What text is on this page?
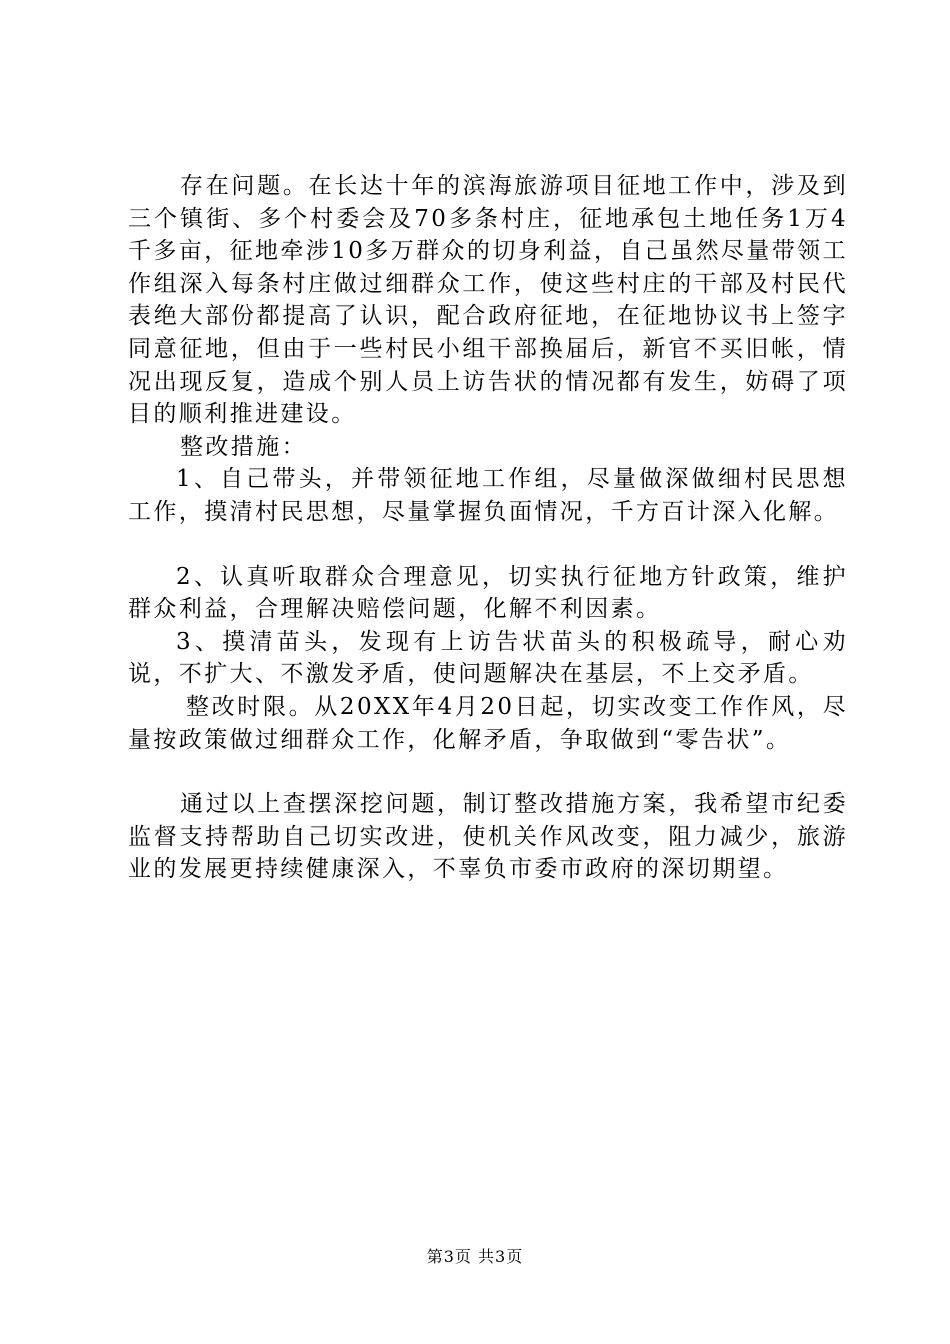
存在问题。在长达十年的滨海旅游项目征地工作中，涉及到三个镇街、多个村委会及70多条村庄，征地承包土地任务1万4千多亩，征地牵涉10多万群众的切身利益，自己虽然尽量带领工作组深入每条村庄做过细群众工作，使这些村庄的干部及村民代表绝大部份都提高了认识，配合政府征地，在征地协议书上签字同意征地，但由于一些村民小组干部换届后，新官不买旧帐，情况出现反复，造成个别人员上访告状的情况都有发生，妨碍了项目的顺利推进建设。

整改措施：

1、自己带头，并带领征地工作组，尽量做深做细村民思想工作，摸清村民思想，尽量掌握负面情况，千方百计深入化解。

2、认真听取群众合理意见，切实执行征地方针政策，维护群众利益，合理解决赔偿问题，化解不利因素。

3、摸清苗头，发现有上访告状苗头的积极疏导，耐心劝说，不扩大、不激发矛盾，使问题解决在基层，不上交矛盾。

整改时限。从20XX年4月20日起，切实改变工作作风，尽量按政策做过细群众工作，化解矛盾，争取做到“零告状”。

通过以上查摆深挖问题，制订整改措施方案，我希望市纪委监督支持帮助自己切实改进，使机关作风改变，阻力减少，旅游业的发展更持续健康深入，不辜负市委市政府的深切期望。

第3页 共3页
